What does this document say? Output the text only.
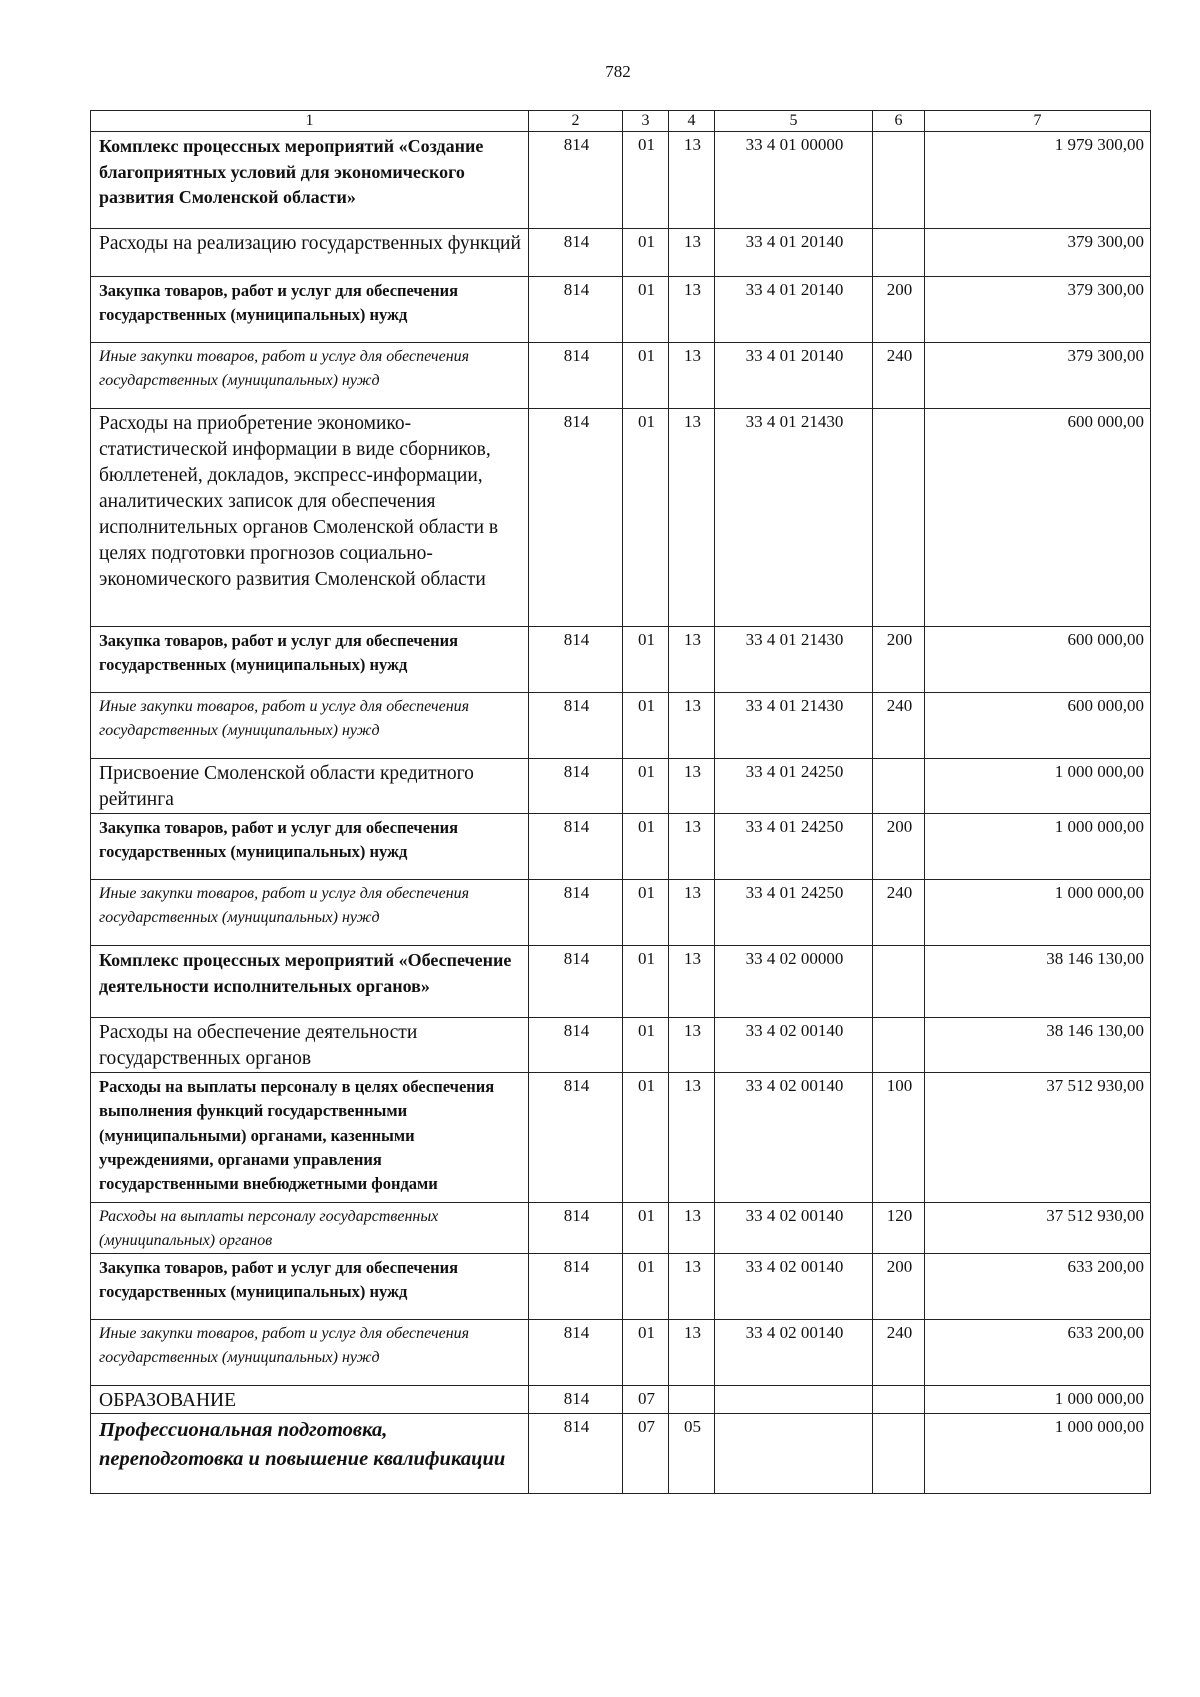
782
1	2	3	4	5	6	7
Комплекс процессных мероприятий «Создание благоприятных условий для экономического развития Смоленской области»	814	01	13	33 4 01 00000		1 979 300,00
Расходы на реализацию государственных функций	814	01	13	33 4 01 20140		379 300,00
Закупка товаров, работ и услуг для обеспечения государственных (муниципальных) нужд	814	01	13	33 4 01 20140	200	379 300,00
Иные закупки товаров, работ и услуг для обеспечения государственных (муниципальных) нужд	814	01	13	33 4 01 20140	240	379 300,00
Расходы на приобретение экономико-статистической информации в виде сборников, бюллетеней, докладов, экспресс-информации, аналитических записок для обеспечения исполнительных органов Смоленской области в целях подготовки прогнозов социально-экономического развития Смоленской области	814	01	13	33 4 01 21430		600 000,00
Закупка товаров, работ и услуг для обеспечения государственных (муниципальных) нужд	814	01	13	33 4 01 21430	200	600 000,00
Иные закупки товаров, работ и услуг для обеспечения государственных (муниципальных) нужд	814	01	13	33 4 01 21430	240	600 000,00
Присвоение Смоленской области кредитного рейтинга	814	01	13	33 4 01 24250		1 000 000,00
Закупка товаров, работ и услуг для обеспечения государственных (муниципальных) нужд	814	01	13	33 4 01 24250	200	1 000 000,00
Иные закупки товаров, работ и услуг для обеспечения государственных (муниципальных) нужд	814	01	13	33 4 01 24250	240	1 000 000,00
Комплекс процессных мероприятий «Обеспечение деятельности исполнительных органов»	814	01	13	33 4 02 00000		38 146 130,00
Расходы на обеспечение деятельности государственных органов	814	01	13	33 4 02 00140		38 146 130,00
Расходы на выплаты персоналу в целях обеспечения выполнения функций государственными (муниципальными) органами, казенными учреждениями, органами управления государственными внебюджетными фондами	814	01	13	33 4 02 00140	100	37 512 930,00
Расходы на выплаты персоналу государственных (муниципальных) органов	814	01	13	33 4 02 00140	120	37 512 930,00
Закупка товаров, работ и услуг для обеспечения государственных (муниципальных) нужд	814	01	13	33 4 02 00140	200	633 200,00
Иные закупки товаров, работ и услуг для обеспечения государственных (муниципальных) нужд	814	01	13	33 4 02 00140	240	633 200,00
ОБРАЗОВАНИЕ	814	07				1 000 000,00
Профессиональная подготовка, переподготовка и повышение квалификации	814	07	05			1 000 000,00
